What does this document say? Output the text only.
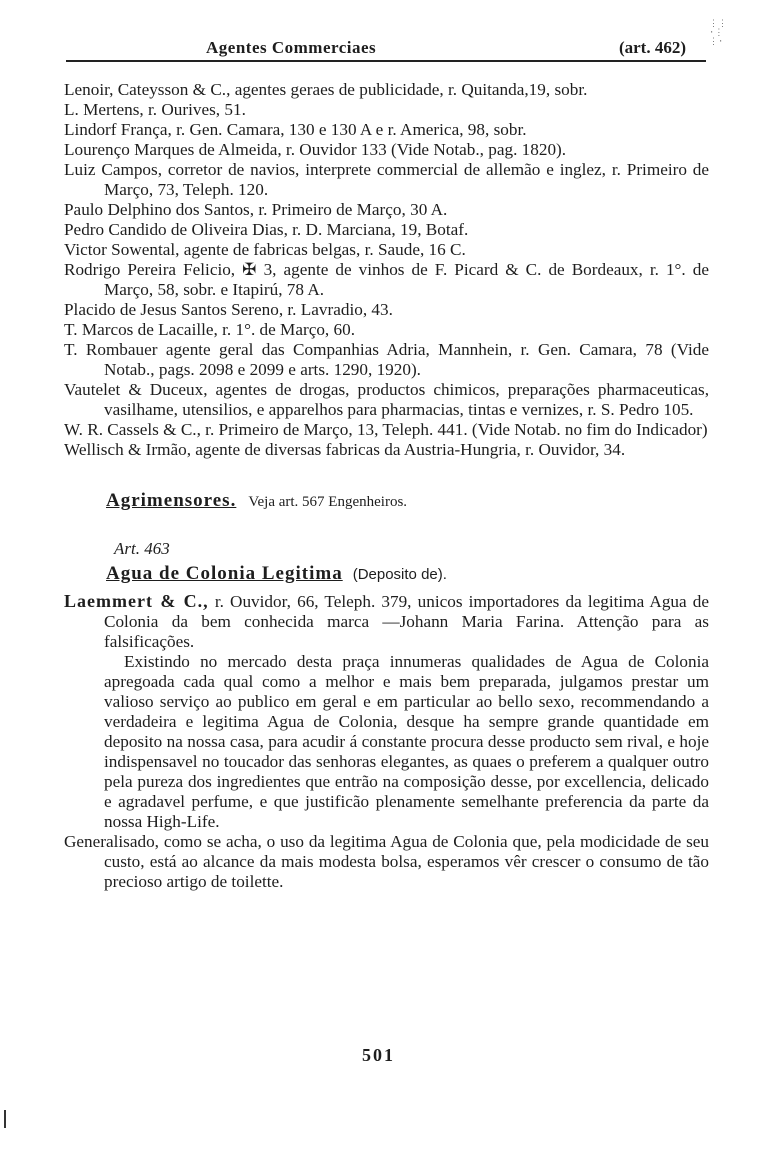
Agentes Commerciaes	(art. 462)
⋮⋮
⋅⋮
⋮⋅

Lenoir, Cateysson & C., agentes geraes de publicidade, r. Quitanda,19, sobr.

L. Mertens, r. Ourives, 51.

Lindorf França, r. Gen. Camara, 130 e 130 A e r. America, 98, sobr.

Lourenço Marques de Almeida, r. Ouvidor 133 (Vide Notab., pag. 1820).

Luiz Campos, corretor de navios, interprete commercial de allemão e inglez, r. Primeiro de Março, 73, Teleph. 120.

Paulo Delphino dos Santos, r. Primeiro de Março, 30 A.

Pedro Candido de Oliveira Dias, r. D. Marciana, 19, Botaf.

Victor Sowental, agente de fabricas belgas, r. Saude, 16 C.

Rodrigo Pereira Felicio, ✠ 3, agente de vinhos de F. Picard & C. de Bordeaux, r. 1°. de Março, 58, sobr. e Itapirú, 78 A.

Placido de Jesus Santos Sereno, r. Lavradio, 43.

T. Marcos de Lacaille, r. 1°. de Março, 60.

T. Rombauer agente geral das Companhias Adria, Mannhein, r. Gen. Camara, 78 (Vide Notab., pags. 2098 e 2099 e arts. 1290, 1920).

Vautelet & Duceux, agentes de drogas, productos chimicos, preparações pharmaceuticas, vasilhame, utensilios, e apparelhos para pharmacias, tintas e vernizes, r. S. Pedro 105.

W. R. Cassels & C., r. Primeiro de Março, 13, Teleph. 441. (Vide Notab. no fim do Indicador)

Wellisch & Irmão, agente de diversas fabricas da Austria-Hungria, r. Ouvidor, 34.

Agrimensores. Veja art. 567 Engenheiros.

Art. 463

Agua de Colonia Legitima (Deposito de).

Laemmert & C., r. Ouvidor, 66, Teleph. 379, unicos importadores da legitima Agua de Colonia da bem conhecida marca —Johann Maria Farina. Attenção para as falsificações.

Existindo no mercado desta praça innumeras qualidades de Agua de Colonia apregoada cada qual como a melhor e mais bem preparada, julgamos prestar um valioso serviço ao publico em geral e em particular ao bello sexo, recommendando a verdadeira e legitima Agua de Colonia, desque ha sempre grande quantidade em deposito na nossa casa, para acudir á constante procura desse producto sem rival, e hoje indispensavel no toucador das senhoras elegantes, as quaes o preferem a qualquer outro pela pureza dos ingredientes que entrão na composição desse, por excellencia, delicado e agradavel perfume, e que justificão plenamente semelhante preferencia da parte da nossa High-Life.

Generalisado, como se acha, o uso da legitima Agua de Colonia que, pela modicidade de seu custo, está ao alcance da mais modesta bolsa, esperamos vêr crescer o consumo de tão precioso artigo de toilette.

501
